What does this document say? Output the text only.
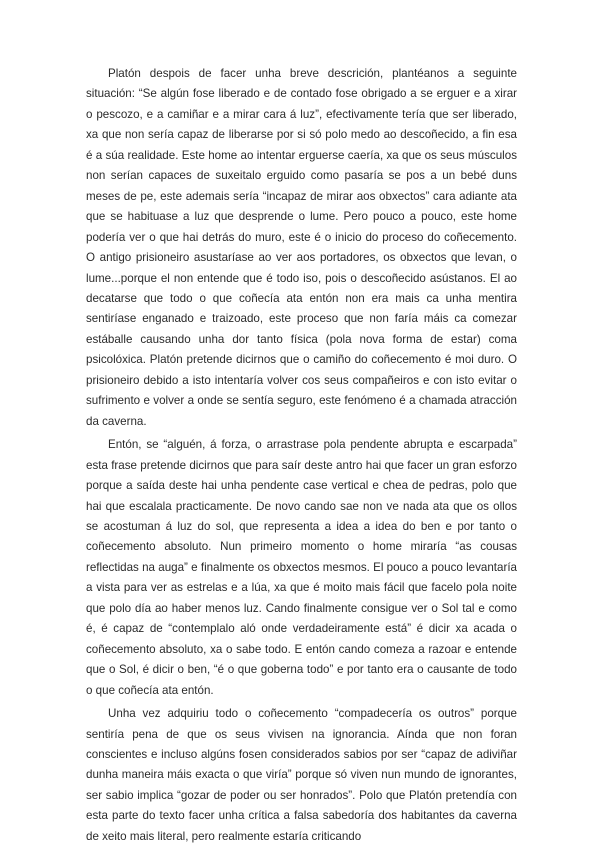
Platón despois de facer unha breve descrición, plantéanos a seguinte situación: “Se algún fose liberado e de contado fose obrigado a se erguer e a xirar o pescozo, e a camiñar e a mirar cara á luz”, efectivamente tería que ser liberado, xa que non sería capaz de liberarse por si só polo medo ao descoñecido, a fin esa é a súa realidade. Este home ao intentar erguerse caería, xa que os seus músculos non serían capaces de suxeitalo erguido como pasaría se pos a un bebé duns meses de pe, este ademais sería “incapaz de mirar aos obxectos” cara adiante ata que se habituase a luz que desprende o lume. Pero pouco a pouco, este home podería ver o que hai detrás do muro, este é o inicio do proceso do coñecemento. O antigo prisioneiro asustaríase ao ver aos portadores, os obxectos que levan, o lume...porque el non entende que é todo iso, pois o descoñecido asústanos. El ao decatarse que todo o que coñecía ata entón non era mais ca unha mentira sentiríase enganado e traizoado, este proceso que non faría máis ca comezar estáballe causando unha dor tanto física (pola nova forma de estar) coma psicolóxica. Platón pretende dicirnos que o camiño do coñecemento é moi duro. O prisioneiro debido a isto intentaría volver cos seus compañeiros e con isto evitar o sufrimento e volver a onde se sentía seguro, este fenómeno é a chamada atracción da caverna.

Entón, se “alguén, á forza, o arrastrase pola pendente abrupta e escarpada” esta frase pretende dicirnos que para saír deste antro hai que facer un gran esforzo porque a saída deste hai unha pendente case vertical e chea de pedras, polo que hai que escalala practicamente. De novo cando sae non ve nada ata que os ollos se acostuman á luz do sol, que representa a idea a idea do ben e por tanto o coñecemento absoluto. Nun primeiro momento o home miraría “as cousas reflectidas na auga” e finalmente os obxectos mesmos. El pouco a pouco levantaría a vista para ver as estrelas e a lúa, xa que é moito mais fácil que facelo pola noite que polo día ao haber menos luz. Cando finalmente consigue ver o Sol tal e como é, é capaz de “contemplalo aló onde verdadeiramente está” é dicir xa acada o coñecemento absoluto, xa o sabe todo. E entón cando comeza a razoar e entende que o Sol, é dicir o ben, “é o que goberna todo” e por tanto era o causante de todo o que coñecía ata entón.

Unha vez adquiriu todo o coñecemento “compadecería os outros” porque sentiría pena de que os seus vivisen na ignorancia. Aínda que non foran conscientes e incluso algúns fosen considerados sabios por ser “capaz de adiviñar dunha maneira máis exacta o que viría” porque só viven nun mundo de ignorantes, ser sabio implica “gozar de poder ou ser honrados”. Polo que Platón pretendía con esta parte do texto facer unha crítica a falsa sabedoría dos habitantes da caverna de xeito mais literal, pero realmente estaría criticando
